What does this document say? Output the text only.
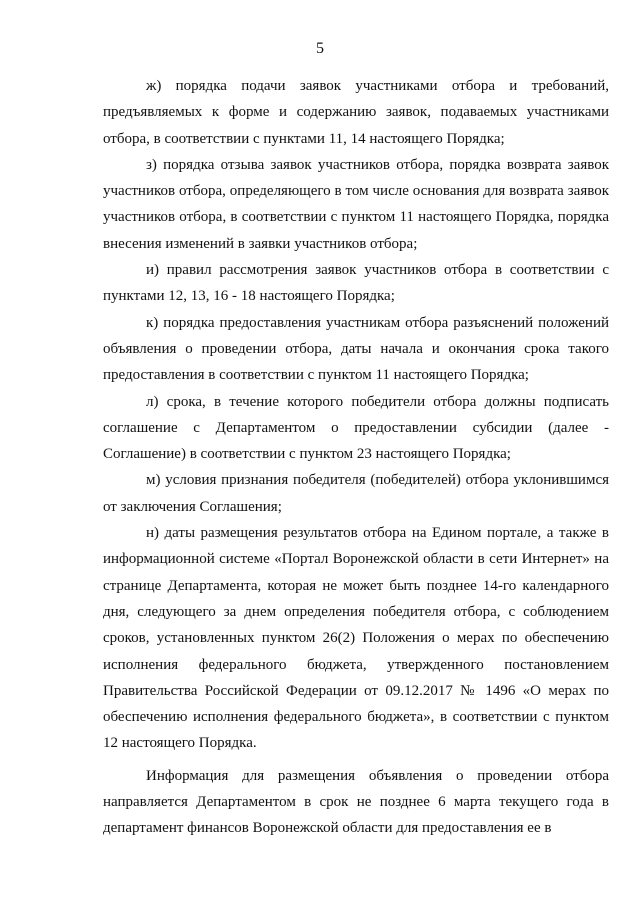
5

ж) порядка подачи заявок участниками отбора и требований, предъявляемых к форме и содержанию заявок, подаваемых участниками отбора, в соответствии с пунктами 11, 14 настоящего Порядка;

з) порядка отзыва заявок участников отбора, порядка возврата заявок участников отбора, определяющего в том числе основания для возврата заявок участников отбора, в соответствии с пунктом 11 настоящего Порядка, порядка внесения изменений в заявки участников отбора;

и) правил рассмотрения заявок участников отбора в соответствии с пунктами 12, 13, 16 - 18 настоящего Порядка;

к) порядка предоставления участникам отбора разъяснений положений объявления о проведении отбора, даты начала и окончания срока такого предоставления в соответствии с пунктом 11 настоящего Порядка;

л) срока, в течение которого победители отбора должны подписать соглашение с Департаментом о предоставлении субсидии (далее - Соглашение) в соответствии с пунктом 23 настоящего Порядка;

м) условия признания победителя (победителей) отбора уклонившимся от заключения Соглашения;

н) даты размещения результатов отбора на Едином портале, а также в информационной системе «Портал Воронежской области в сети Интернет» на странице Департамента, которая не может быть позднее 14-го календарного дня, следующего за днем определения победителя отбора, с соблюдением сроков, установленных пунктом 26(2) Положения о мерах по обеспечению исполнения федерального бюджета, утвержденного постановлением Правительства Российской Федерации от 09.12.2017 № 1496 «О мерах по обеспечению исполнения федерального бюджета», в соответствии с пунктом 12 настоящего Порядка.

Информация для размещения объявления о проведении отбора направляется Департаментом в срок не позднее 6 марта текущего года в департамент финансов Воронежской области для предоставления ее в
